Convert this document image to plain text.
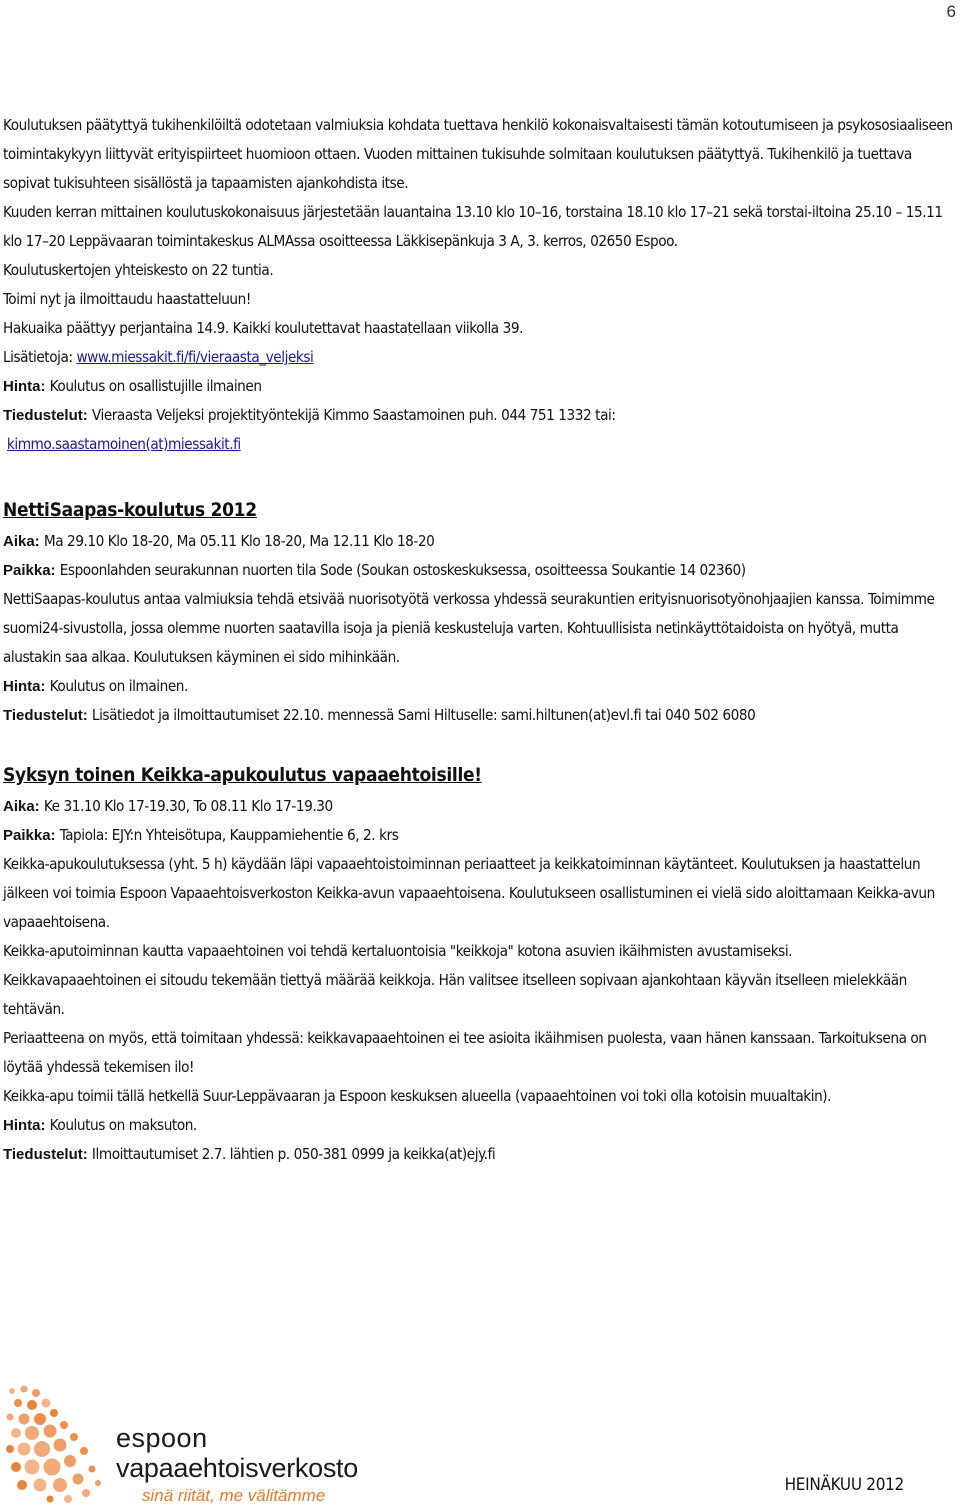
6

Koulutuksen päätyttyä tukihenkilöiltä odotetaan valmiuksia kohdata tuettava henkilö kokonaisvaltaisesti tämän kotoutumiseen ja psykososiaaliseen toimintakykyyn liittyvät erityispiirteet huomioon ottaen. Vuoden mittainen tukisuhde solmitaan koulutuksen päätyttyä. Tukihenkilö ja tuettava sopivat tukisuhteen sisällöstä ja tapaamisten ajankohdista itse.

Kuuden kerran mittainen koulutuskokonaisuus järjestetään lauantaina 13.10 klo 10–16, torstaina 18.10 klo 17–21 sekä torstai-iltoina 25.10 – 15.11 klo 17–20 Leppävaaran toimintakeskus ALMAssa osoitteessa Läkkisepänkuja 3 A, 3. kerros, 02650 Espoo.

Koulutuskertojen yhteiskesto on 22 tuntia.

Toimi nyt ja ilmoittaudu haastatteluun!

Hakuaika päättyy perjantaina 14.9. Kaikki koulutettavat haastatellaan viikolla 39.

Lisätietoja: www.miessakit.fi/fi/vieraasta_veljeksi

Hinta: Koulutus on osallistujille ilmainen

Tiedustelut: Vieraasta Veljeksi projektityöntekijä Kimmo Saastamoinen puh. 044 751 1332 tai:

kimmo.saastamoinen(at)miessakit.fi

NettiSaapas-koulutus 2012

Aika: Ma 29.10 Klo 18-20, Ma 05.11 Klo 18-20, Ma 12.11 Klo 18-20

Paikka: Espoonlahden seurakunnan nuorten tila Sode (Soukan ostoskeskuksessa, osoitteessa Soukantie 14 02360)

NettiSaapas-koulutus antaa valmiuksia tehdä etsivää nuorisotyötä verkossa yhdessä seurakuntien erityisnuorisotyönohjaajien kanssa. Toimimme suomi24-sivustolla, jossa olemme nuorten saatavilla isoja ja pieniä keskusteluja varten. Kohtuullisista netinkäyttötaidoista on hyötyä, mutta alustakin saa alkaa. Koulutuksen käyminen ei sido mihinkään.

Hinta: Koulutus on ilmainen.

Tiedustelut: Lisätiedot ja ilmoittautumiset 22.10. mennessä Sami Hiltuselle: sami.hiltunen(at)evl.fi tai 040 502 6080

Syksyn toinen Keikka-apukoulutus vapaaehtoisille!

Aika: Ke 31.10 Klo 17-19.30, To 08.11 Klo 17-19.30

Paikka: Tapiola: EJY:n Yhteisötupa, Kauppamiehentie 6, 2. krs

Keikka-apukoulutuksessa (yht. 5 h) käydään läpi vapaaehtoistoiminnan periaatteet ja keikkatoiminnan käytänteet. Koulutuksen ja haastattelun jälkeen voi toimia Espoon Vapaaehtoisverkoston Keikka-avun vapaaehtoisena. Koulutukseen osallistuminen ei vielä sido aloittamaan Keikka-avun vapaaehtoisena.

Keikka-aputoiminnan kautta vapaaehtoinen voi tehdä kertaluontoisia "keikkoja" kotona asuvien ikäihmisten avustamiseksi.

Keikkavapaaehtoinen ei sitoudu tekemään tiettyä määrää keikkoja. Hän valitsee itselleen sopivaan ajankohtaan käyvän itselleen mielekkään tehtävän.

Periaatteena on myös, että toimitaan yhdessä: keikkavapaaehtoinen ei tee asioita ikäihmisen puolesta, vaan hänen kanssaan. Tarkoituksena on löytää yhdessä tekemisen ilo!

Keikka-apu toimii tällä hetkellä Suur-Leppävaaran ja Espoon keskuksen alueella (vapaaehtoinen voi toki olla kotoisin muualtakin).

Hinta: Koulutus on maksuton.

Tiedustelut: Ilmoittautumiset 2.7. lähtien p. 050-381 0999 ja keikka(at)ejy.fi

espoon
vapaaehtoisverkosto
sinä riität, me välitämme
HEINÄKUU 2012
